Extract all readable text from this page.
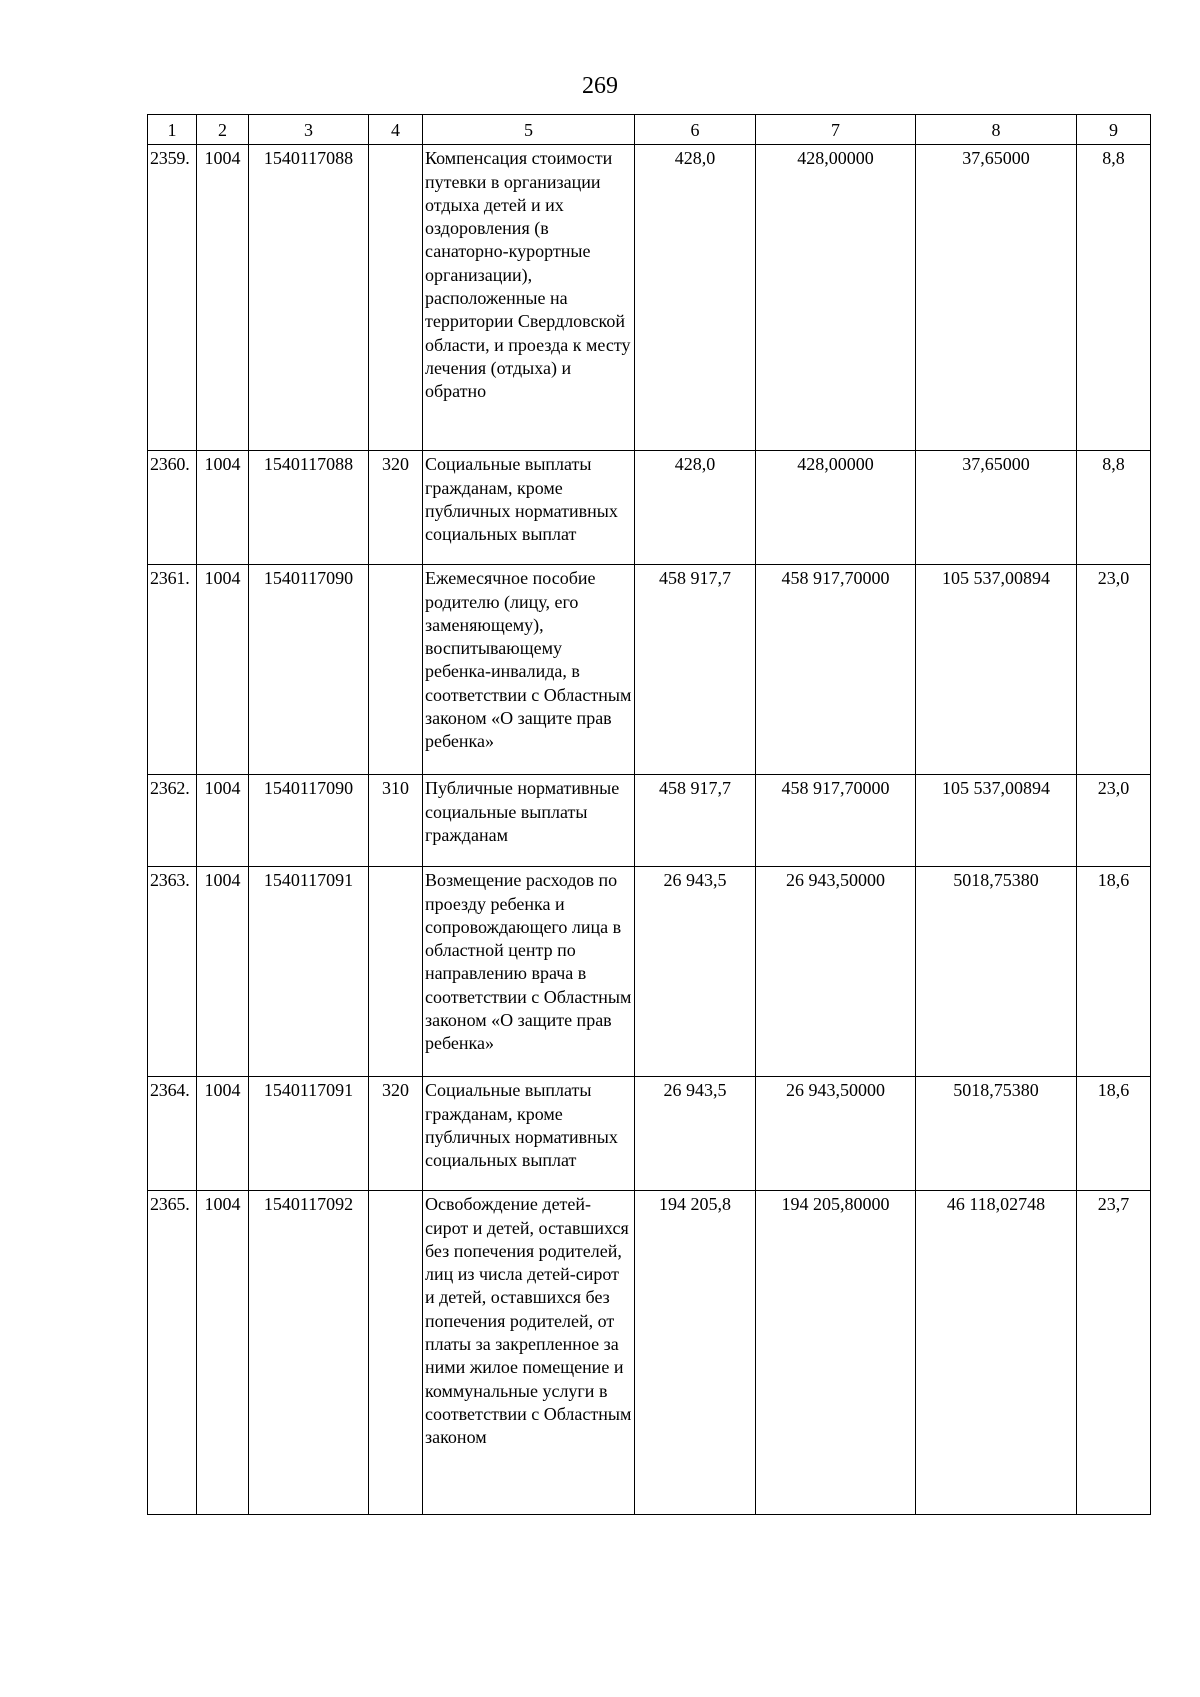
269
1	2	3	4	5	6	7	8	9
2359.	1004	1540117088		Компенсация стоимости путевки в организации отдыха детей и их оздоровления (в санаторно-курортные организации), расположенные на территории Свердловской области, и проезда к месту лечения (отдыха) и обратно	428,0	428,00000	37,65000	8,8
2360.	1004	1540117088	320	Социальные выплаты гражданам, кроме публичных нормативных социальных выплат	428,0	428,00000	37,65000	8,8
2361.	1004	1540117090		Ежемесячное пособие родителю (лицу, его заменяющему), воспитывающему ребенка-инвалида, в соответствии с Областным законом «О защите прав ребенка»	458 917,7	458 917,70000	105 537,00894	23,0
2362.	1004	1540117090	310	Публичные нормативные социальные выплаты гражданам	458 917,7	458 917,70000	105 537,00894	23,0
2363.	1004	1540117091		Возмещение расходов по проезду ребенка и сопровождающего лица в областной центр по направлению врача в соответствии с Областным законом «О защите прав ребенка»	26 943,5	26 943,50000	5018,75380	18,6
2364.	1004	1540117091	320	Социальные выплаты гражданам, кроме публичных нормативных социальных выплат	26 943,5	26 943,50000	5018,75380	18,6
2365.	1004	1540117092		Освобождение детей-сирот и детей, оставшихся без попечения родителей, лиц из числа детей-сирот и детей, оставшихся без попечения родителей, от платы за закрепленное за ними жилое помещение и коммунальные услуги в соответствии с Областным законом	194 205,8	194 205,80000	46 118,02748	23,7
